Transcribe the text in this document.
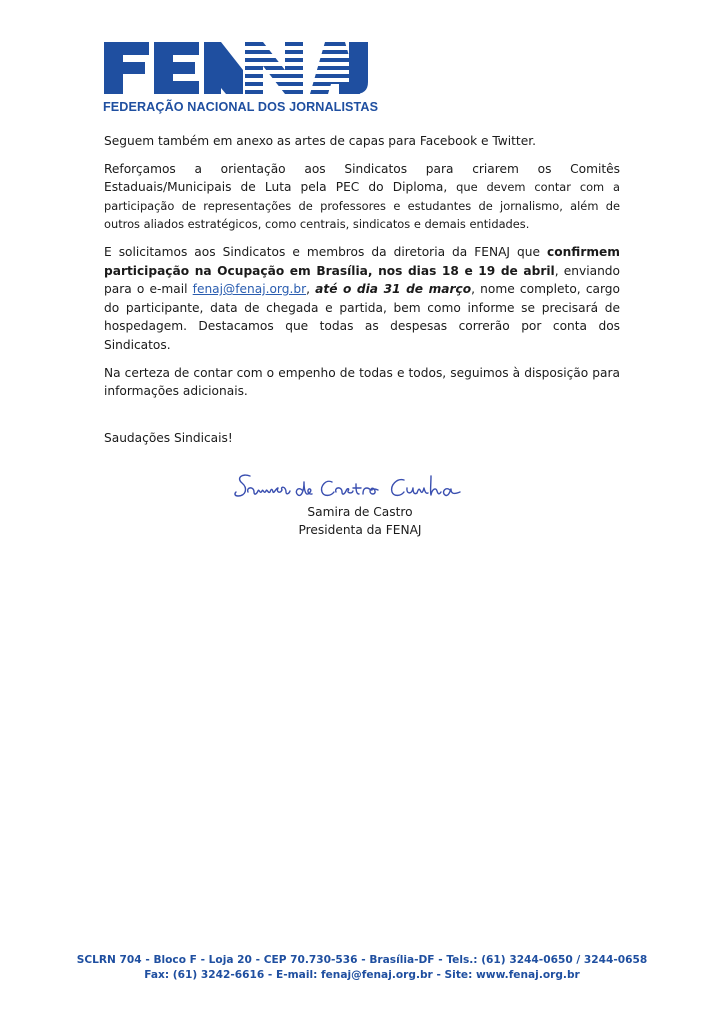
FEDERAÇÃO NACIONAL DOS JORNALISTAS

Seguem também em anexo as artes de capas para Facebook e Twitter.

Reforçamos a orientação aos Sindicatos para criarem os Comitês Estaduais/Municipais de Luta pela PEC do Diploma, que devem contar com a participação de representações de professores e estudantes de jornalismo, além de outros aliados estratégicos, como centrais, sindicatos e demais entidades.

E solicitamos aos Sindicatos e membros da diretoria da FENAJ que confirmem participação na Ocupação em Brasília, nos dias 18 e 19 de abril, enviando para o e-mail fenaj@fenaj.org.br, até o dia 31 de março, nome completo, cargo do participante, data de chegada e partida, bem como informe se precisará de hospedagem. Destacamos que todas as despesas correrão por conta dos Sindicatos.

Na certeza de contar com o empenho de todas e todos, seguimos à disposição para informações adicionais.

Saudações Sindicais!

Samira de Castro
Presidenta da FENAJ
SCLRN 704 - Bloco F - Loja 20 - CEP 70.730-536 - Brasília-DF - Tels.: (61) 3244-0650 / 3244-0658
Fax: (61) 3242-6616 - E-mail: fenaj@fenaj.org.br - Site: www.fenaj.org.br
